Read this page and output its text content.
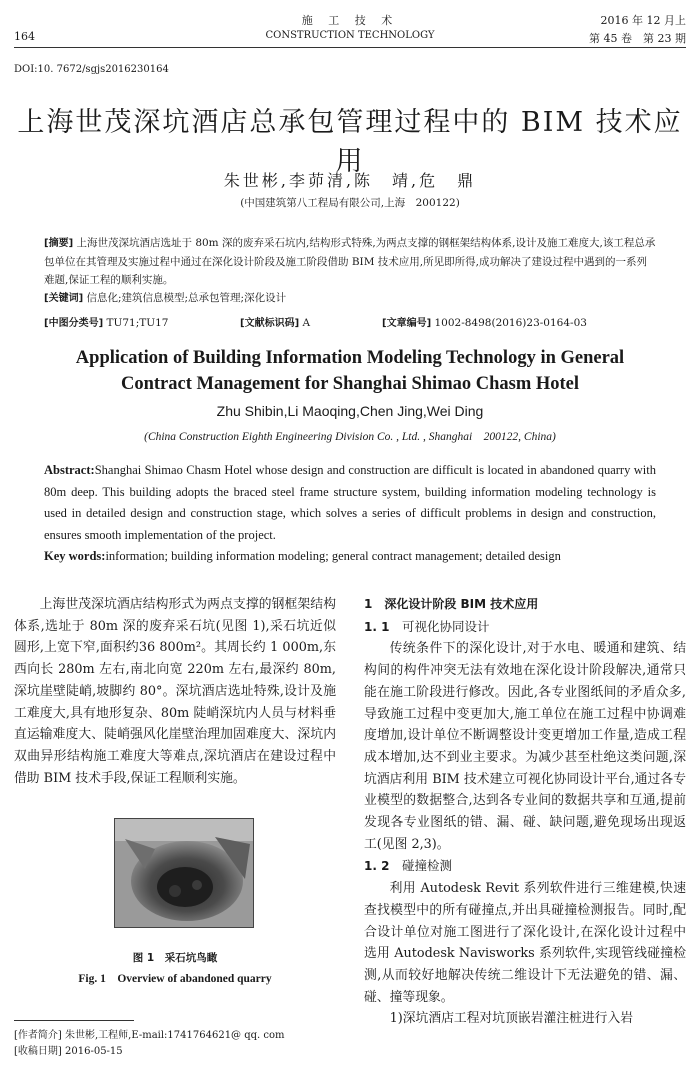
164
施 工 技 术
CONSTRUCTION TECHNOLOGY
2016 年 12 月上
第 45 卷　第 23 期
DOI:10. 7672/sgjs2016230164
上海世茂深坑酒店总承包管理过程中的 BIM 技术应用
朱世彬,李茆清,陈　靖,危　鼎
(中国建筑第八工程局有限公司,上海　200122)

[摘要] 上海世茂深坑酒店选址于 80m 深的废弃采石坑内,结构形式特殊,为两点支撑的钢框架结构体系,设计及施工难度大,该工程总承包单位在其管理及实施过程中通过在深化设计阶段及施工阶段借助 BIM 技术应用,所见即所得,成功解决了建设过程中遇到的一系列难题,保证工程的顺利实施。

[关键词] 信息化;建筑信息模型;总承包管理;深化设计

[中图分类号] TU71;TU17	[文献标识码] A	[文章编号] 1002-8498(2016)23-0164-03
Application of Building Information Modeling Technology in General Contract Management for Shanghai Shimao Chasm Hotel
Zhu Shibin,Li Maoqing,Chen Jing,Wei Ding
(China Construction Eighth Engineering Division Co. , Ltd. , Shanghai　200122, China)

Abstract:Shanghai Shimao Chasm Hotel whose design and construction are difficult is located in abandoned quarry with 80m deep. This building adopts the braced steel frame structure system, building information modeling technology is used in detailed design and construction stage, which solves a series of difficult problems in design and construction, ensures smooth implementation of the project.

Key words:information; building information modeling; general contract management; detailed design

上海世茂深坑酒店结构形式为两点支撑的钢框架结构体系,选址于 80m 深的废弃采石坑(见图 1),采石坑近似圆形,上宽下窄,面积约36 800m²。其周长约 1 000m,东西向长 280m 左右,南北向宽 220m 左右,最深约 80m,深坑崖壁陡峭,坡脚约 80°。深坑酒店选址特殊,设计及施工难度大,具有地形复杂、80m 陡峭深坑内人员与材料垂直运输难度大、陡峭强风化崖壁治理加固难度大、深坑内双曲异形结构施工难度大等难点,深坑酒店在建设过程中借助 BIM 技术手段,保证工程顺利实施。

图 1　采石坑鸟瞰
Fig. 1　Overview of abandoned quarry
[作者简介] 朱世彬,工程师,E-mail:1741764621@ qq. com
[收稿日期] 2016-05-15

1　深化设计阶段 BIM 技术应用

1. 1　 可视化协同设计

传统条件下的深化设计,对于水电、暖通和建筑、结构间的构件冲突无法有效地在深化设计阶段解决,通常只能在施工阶段进行修改。因此,各专业图纸间的矛盾众多,导致施工过程中变更加大,施工单位在施工过程中协调难度增加,设计单位不断调整设计变更增加工作量,造成工程成本增加,达不到业主要求。为减少甚至杜绝这类问题,深坑酒店利用 BIM 技术建立可视化协同设计平台,通过各专业模型的数据整合,达到各专业间的数据共享和互通,提前发现各专业图纸的错、漏、碰、缺问题,避免现场出现返工(见图 2,3)。

1. 2　 碰撞检测

利用 Autodesk Revit 系列软件进行三维建模,快速查找模型中的所有碰撞点,并出具碰撞检测报告。同时,配合设计单位对施工图进行了深化设计,在深化设计过程中选用 Autodesk Navisworks 系列软件,实现管线碰撞检测,从而较好地解决传统二维设计下无法避免的错、漏、碰、撞等现象。

1)深坑酒店工程对坑顶嵌岩灌注桩进行入岩
